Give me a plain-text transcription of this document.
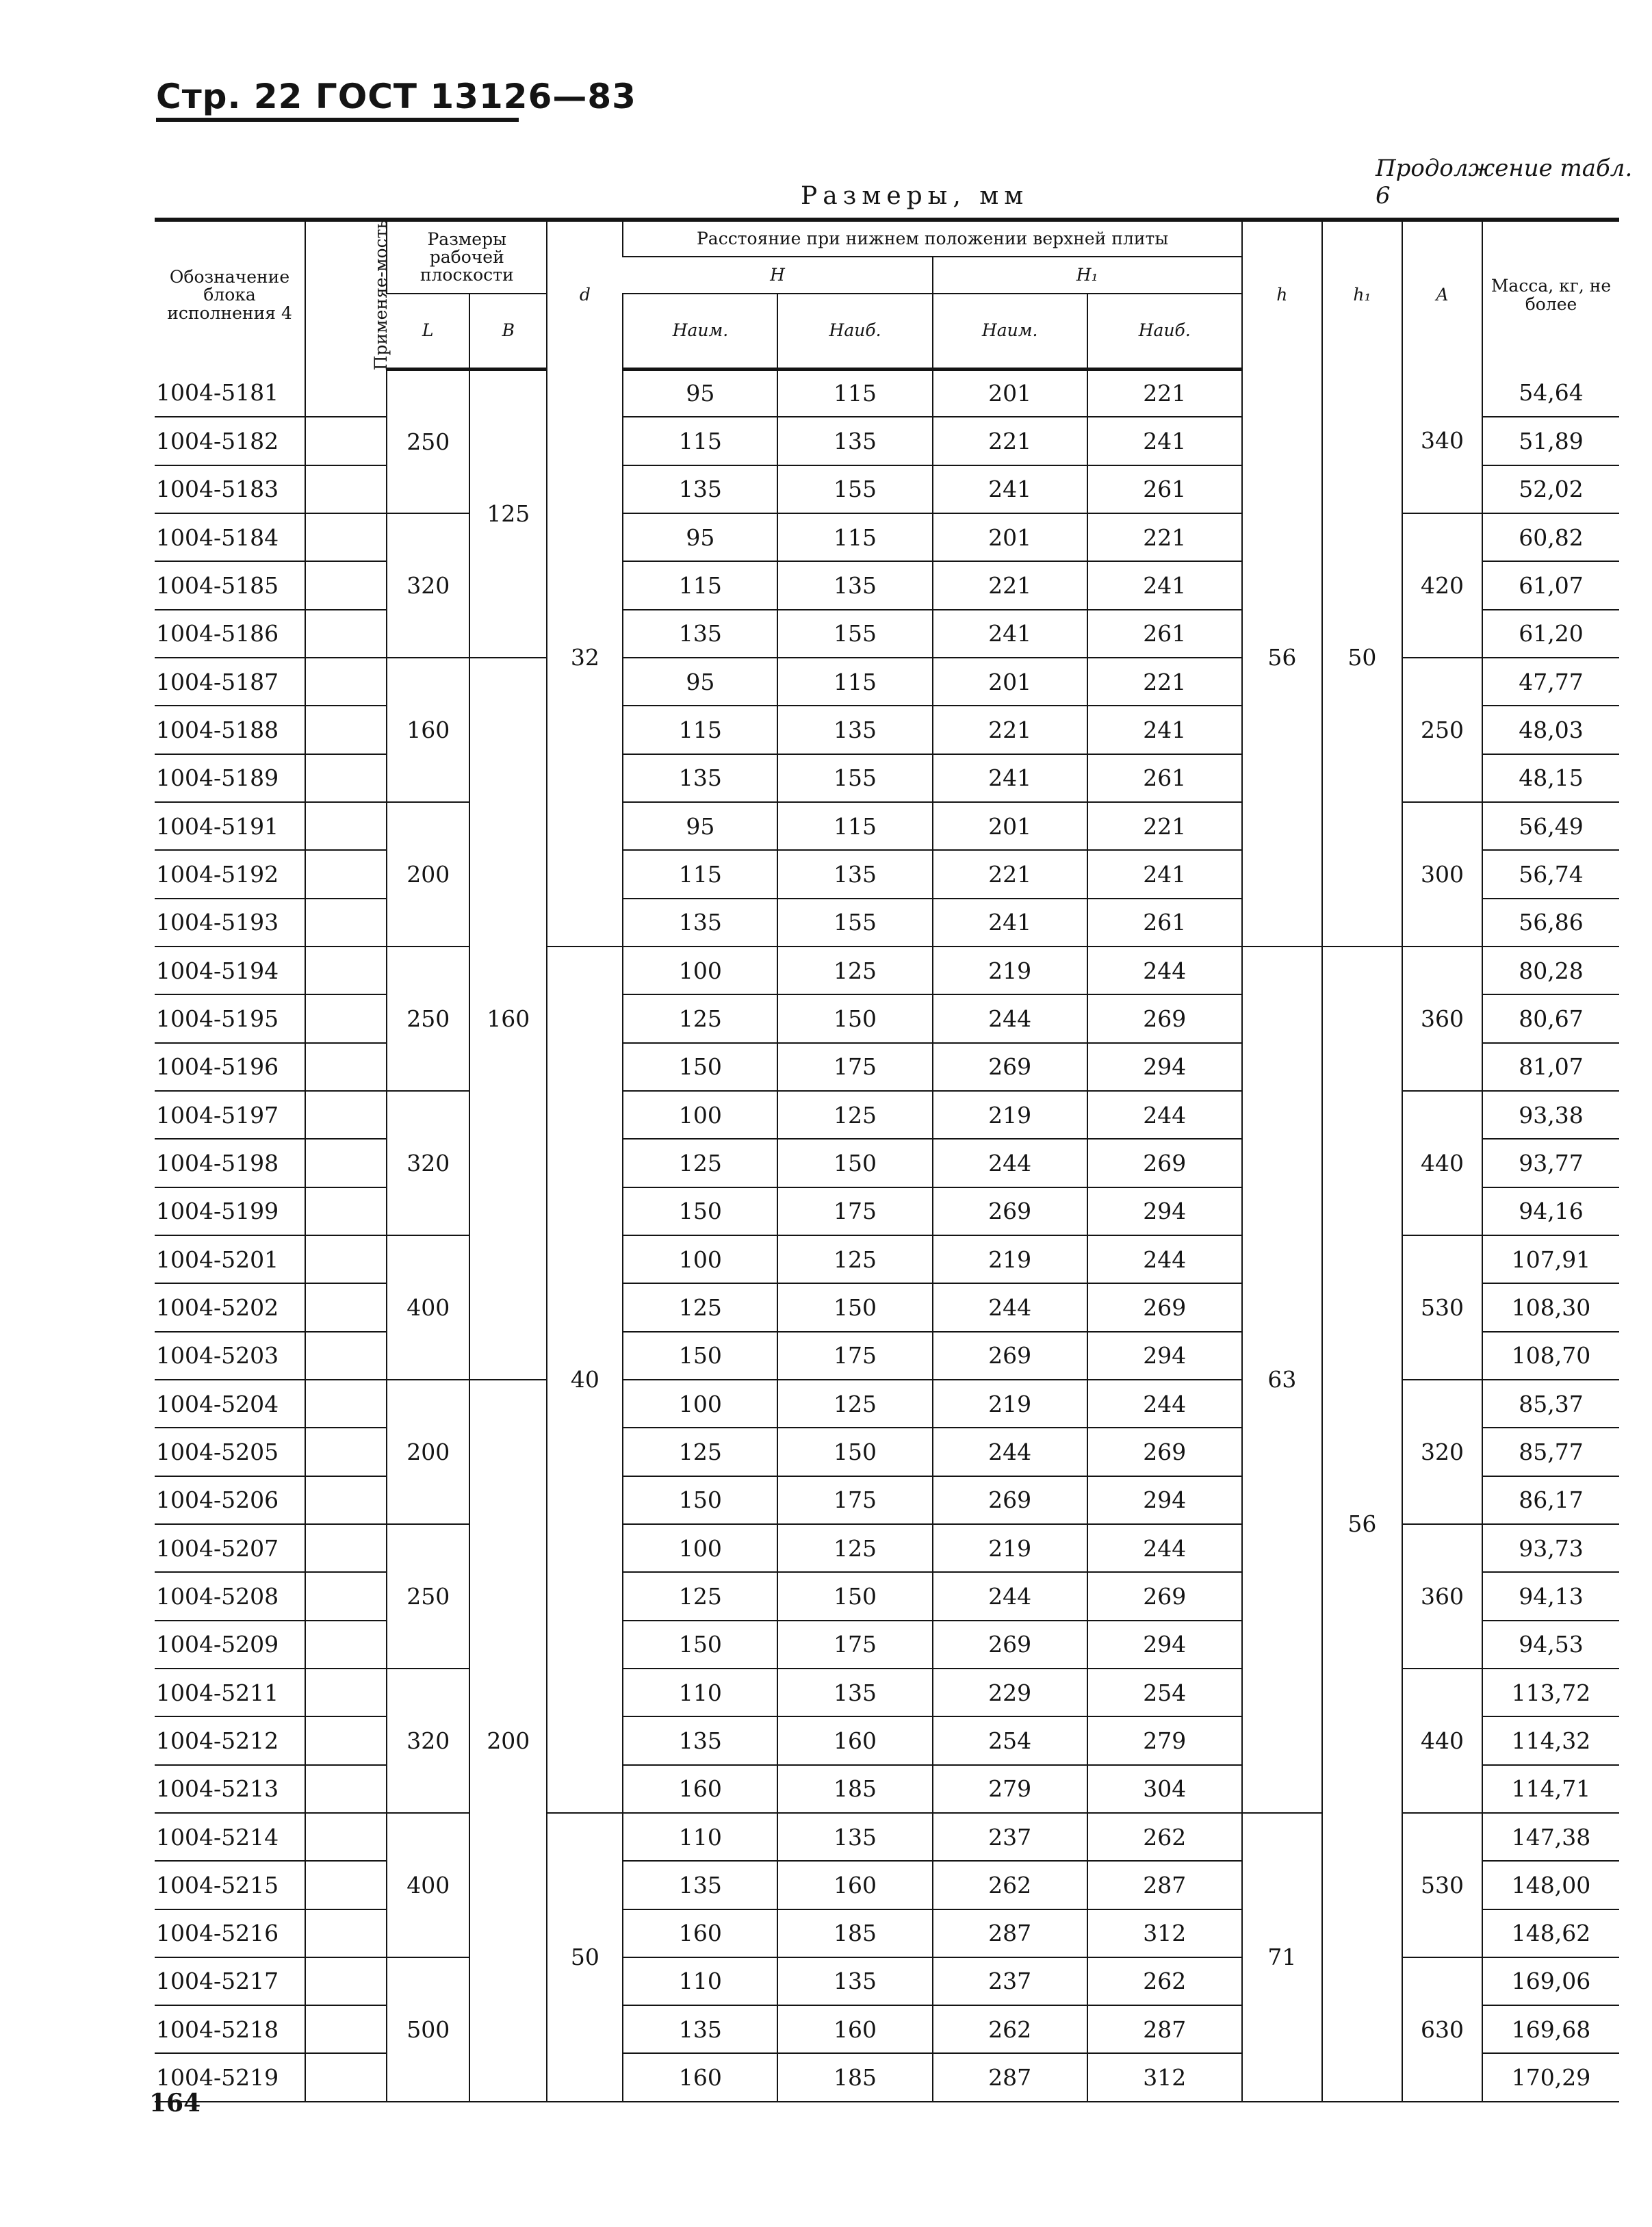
Стр. 22 ГОСТ 13126—83
Продолжение табл. 6
Размеры, мм
Обозначение блока исполнения 4	Применяе-мость	Размеры рабочей плоскости		d	Расстояние при нижнем положении верхней плиты				h	h₁	A	Масса, кг, не более
					H		H₁					
		L	B		Наим.	Наиб.	Наим.	Наиб.				
1004-5181		250	125	32	95	115	201	221	56	50	340	54,64
1004-5182					115	135	221	241				51,89
1004-5183					135	155	241	261				52,02
1004-5184		320			95	115	201	221			420	60,82
1004-5185					115	135	221	241				61,07
1004-5186					135	155	241	261				61,20
1004-5187		160	160		95	115	201	221			250	47,77
1004-5188					115	135	221	241				48,03
1004-5189					135	155	241	261				48,15
1004-5191		200			95	115	201	221			300	56,49
1004-5192					115	135	221	241				56,74
1004-5193					135	155	241	261				56,86
1004-5194		250		40	100	125	219	244	63	56	360	80,28
1004-5195					125	150	244	269				80,67
1004-5196					150	175	269	294				81,07
1004-5197		320			100	125	219	244			440	93,38
1004-5198					125	150	244	269				93,77
1004-5199					150	175	269	294				94,16
1004-5201		400			100	125	219	244			530	107,91
1004-5202					125	150	244	269				108,30
1004-5203					150	175	269	294				108,70
1004-5204		200	200		100	125	219	244			320	85,37
1004-5205					125	150	244	269				85,77
1004-5206					150	175	269	294				86,17
1004-5207		250			100	125	219	244			360	93,73
1004-5208					125	150	244	269				94,13
1004-5209					150	175	269	294				94,53
1004-5211		320			110	135	229	254			440	113,72
1004-5212					135	160	254	279				114,32
1004-5213					160	185	279	304				114,71
1004-5214		400		50	110	135	237	262	71		530	147,38
1004-5215					135	160	262	287				148,00
1004-5216					160	185	287	312				148,62
1004-5217		500			110	135	237	262			630	169,06
1004-5218					135	160	262	287				169,68
1004-5219					160	185	287	312				170,29
164
